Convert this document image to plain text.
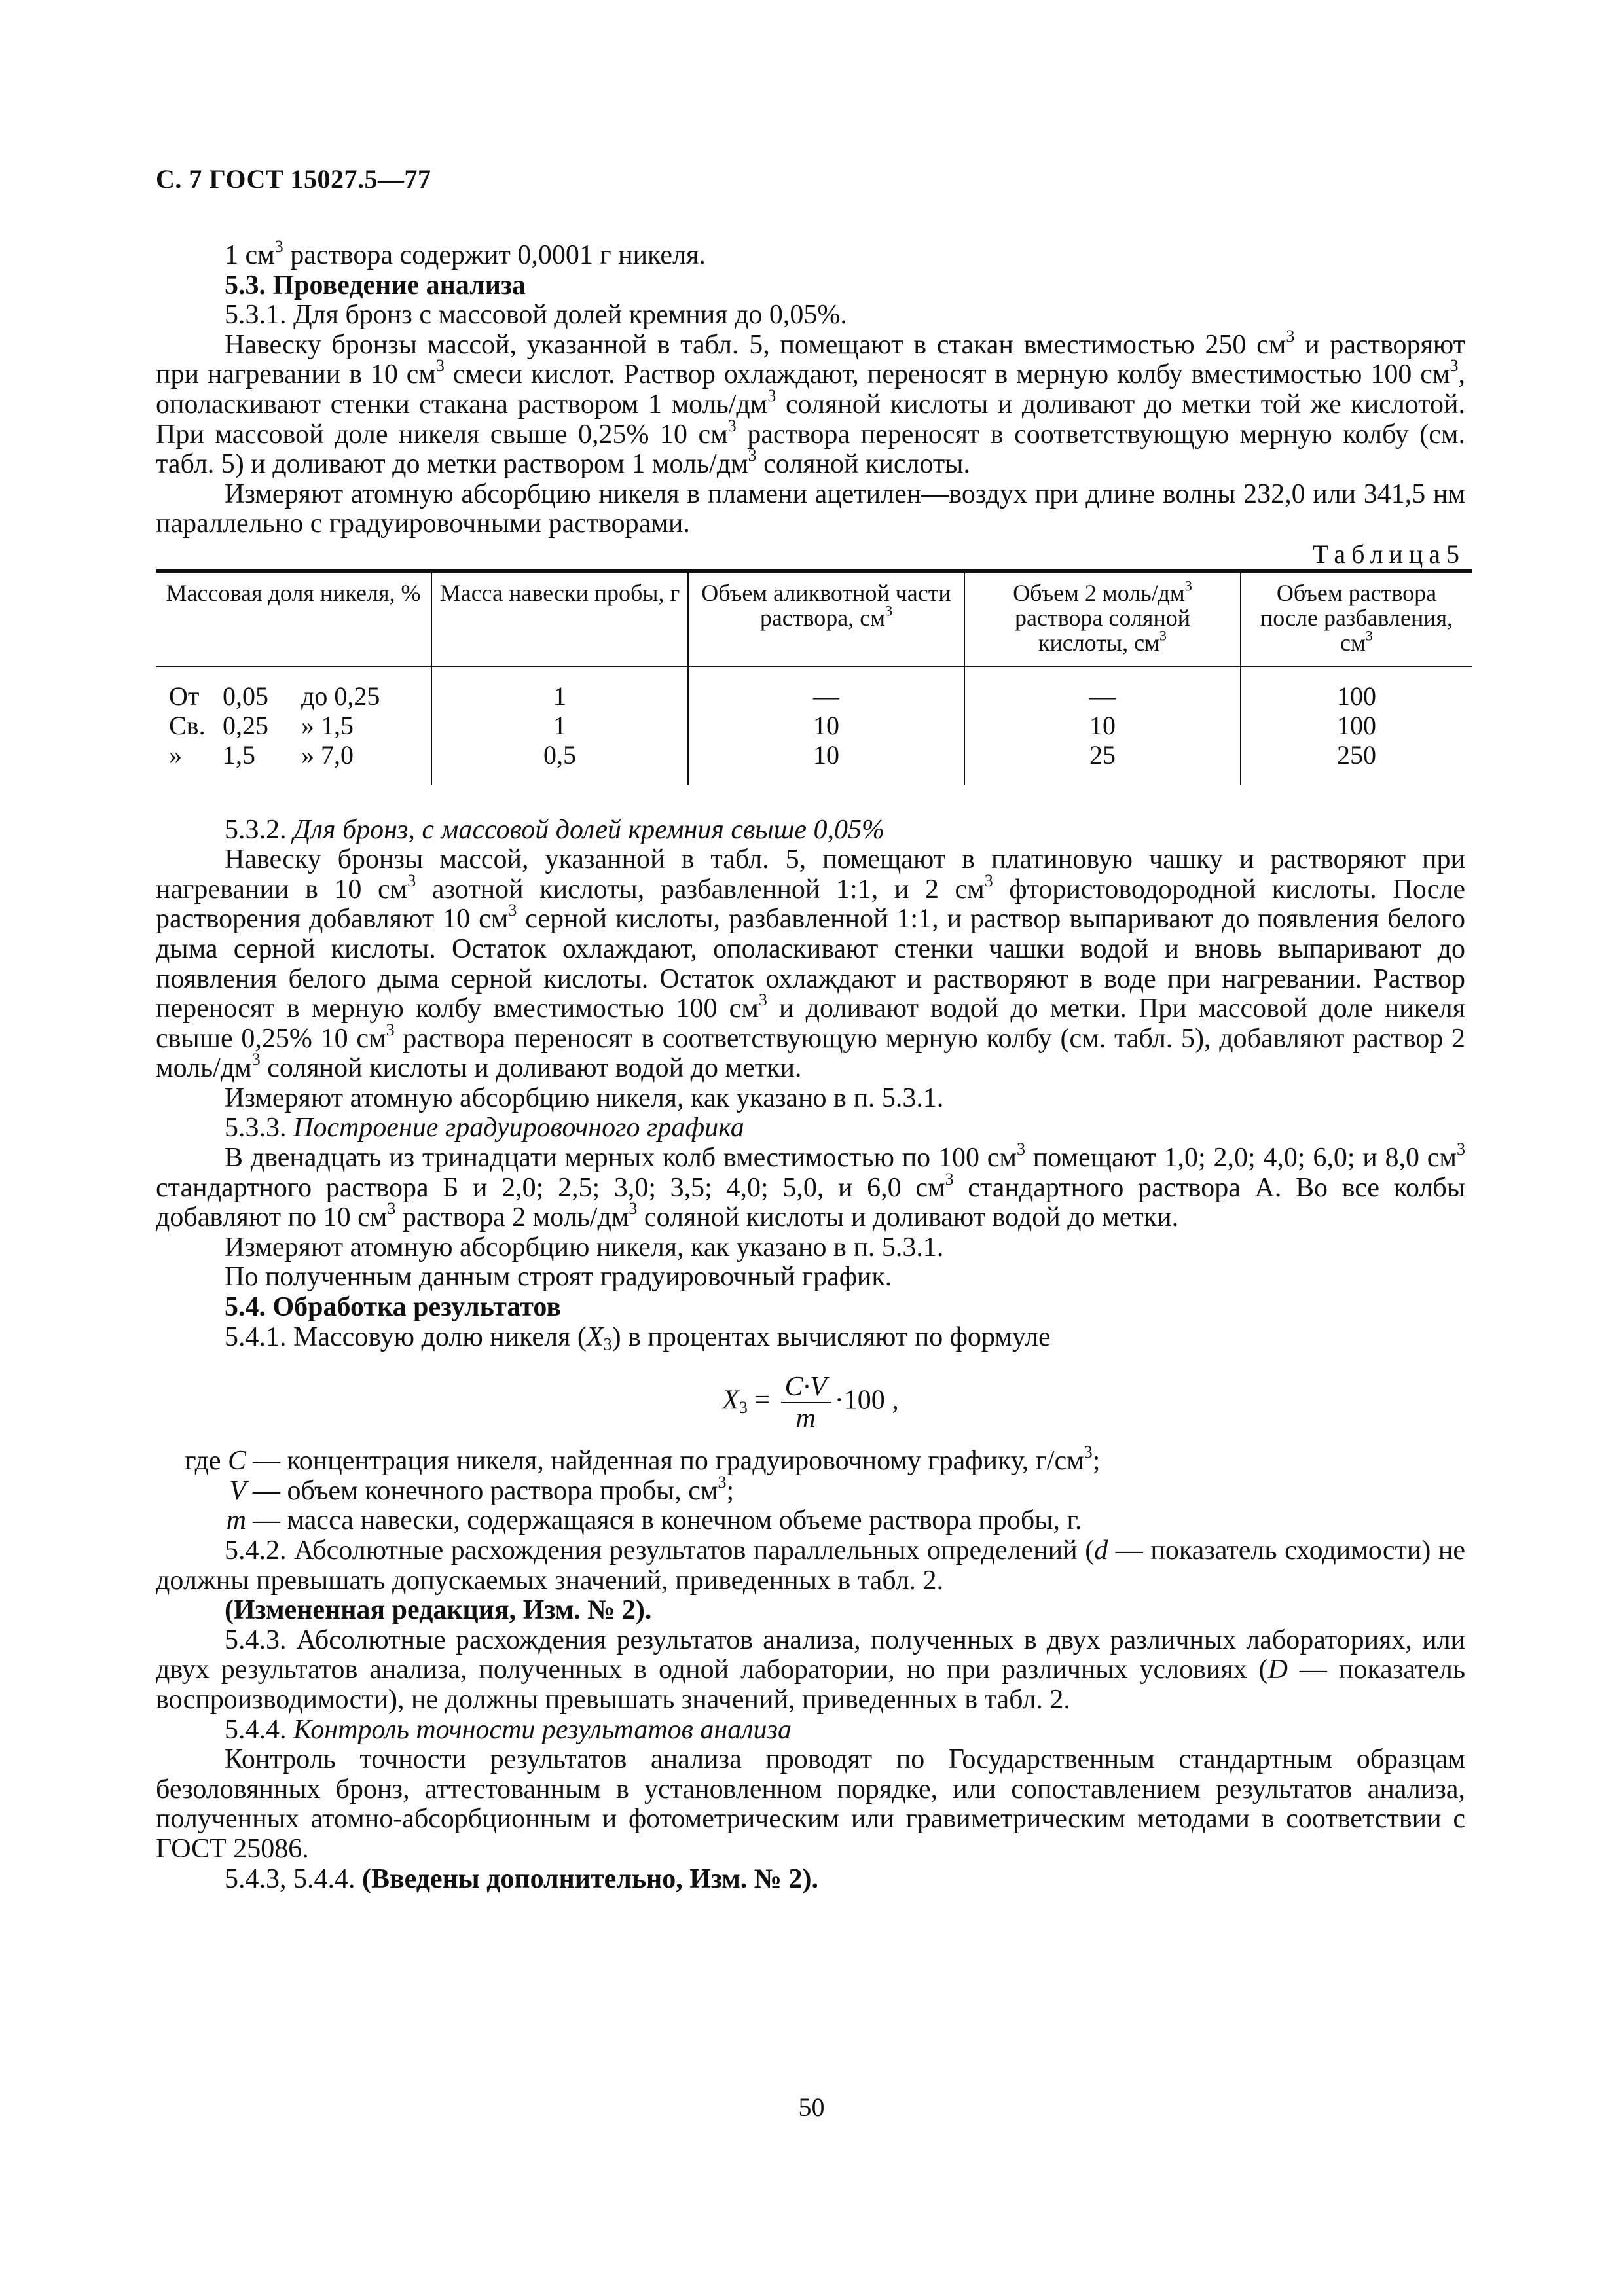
С. 7 ГОСТ 15027.5—77

1 $см^3$ раствора содержит 0,0001 г никеля.

5.3. Проведение анализа

5.3.1. Для бронз с массовой долей кремния до 0,05%.

Навеску бронзы массой, указанной в табл. 5, помещают в стакан вместимостью 250 $см^3$ и растворяют при нагревании в 10 $см^3$ смеси кислот. Раствор охлаждают, переносят в мерную колбу вместимостью 100 $см^3$, ополаскивают стенки стакана раствором 1 моль/$дм^3$ соляной кислоты и доливают до метки той же кислотой. При массовой доле никеля свыше 0,25% 10 $см^3$ раствора переносят в соответствующую мерную колбу (см. табл. 5) и доливают до метки раствором 1 моль/$дм^3$ соляной кислоты.

Измеряют атомную абсорбцию никеля в пламени ацетилен—воздух при длине волны 232,0 или 341,5 нм параллельно с градуировочными растворами.

Таблица5

Массовая доля никеля, %	Масса навески пробы, г	Объем аликвотной части раствора, $см^3$	Объем 2 моль/$дм^3$ раствора соляной кислоты, $см^3$	Объем раствора после разбавления, $см^3$
От 0,05 до 0,25	1	—	—	100
Св. 0,25 » 1,5	1	10	10	100
» 1,5 » 7,0	0,5	10	25	250

5.3.2. Для бронз, с массовой долей кремния свыше 0,05%

Навеску бронзы массой, указанной в табл. 5, помещают в платиновую чашку и растворяют при нагревании в 10 $см^3$ азотной кислоты, разбавленной 1:1, и 2 $см^3$ фтористоводородной кислоты. После растворения добавляют 10 $см^3$ серной кислоты, разбавленной 1:1, и раствор выпаривают до появления белого дыма серной кислоты. Остаток охлаждают, ополаскивают стенки чашки водой и вновь выпаривают до появления белого дыма серной кислоты. Остаток охлаждают и растворяют в воде при нагревании. Раствор переносят в мерную колбу вместимостью 100 $см^3$ и доливают водой до метки. При массовой доле никеля свыше 0,25% 10 $см^3$ раствора переносят в соответствующую мерную колбу (см. табл. 5), добавляют раствор 2 моль/$дм^3$ соляной кислоты и доливают водой до метки.

Измеряют атомную абсорбцию никеля, как указано в п. 5.3.1.

5.3.3. Построение градуировочного графика

В двенадцать из тринадцати мерных колб вместимостью по 100 $см^3$ помещают 1,0; 2,0; 4,0; 6,0; и 8,0 $см^3$ стандартного раствора Б и 2,0; 2,5; 3,0; 3,5; 4,0; 5,0, и 6,0 $см^3$ стандартного раствора А. Во все колбы добавляют по 10 $см^3$ раствора 2 моль/$дм^3$ соляной кислоты и доливают водой до метки.

Измеряют атомную абсорбцию никеля, как указано в п. 5.3.1.

По полученным данным строят градуировочный график.

5.4. Обработка результатов

5.4.1. Массовую долю никеля $(X_3)$ в процентах вычисляют по формуле

$X_3 = \frac{C\cdot V}{m} \cdot 100$ ,
где C — концентрация никеля, найденная по градуировочному графику, $г/см^3$;
V — объем конечного раствора пробы, $см^3$;
m — масса навески, содержащаяся в конечном объеме раствора пробы, г.

5.4.2. Абсолютные расхождения результатов параллельных определений (d — показатель сходимости) не должны превышать допускаемых значений, приведенных в табл. 2.

(Измененная редакция, Изм. № 2).

5.4.3. Абсолютные расхождения результатов анализа, полученных в двух различных лабораториях, или двух результатов анализа, полученных в одной лаборатории, но при различных условиях (D — показатель воспроизводимости), не должны превышать значений, приведенных в табл. 2.

5.4.4. Контроль точности результатов анализа

Контроль точности результатов анализа проводят по Государственным стандартным образцам безоловянных бронз, аттестованным в установленном порядке, или сопоставлением результатов анализа, полученных атомно-абсорбционным и фотометрическим или гравиметрическим методами в соответствии с ГОСТ 25086.

5.4.3, 5.4.4. (Введены дополнительно, Изм. № 2).

50
